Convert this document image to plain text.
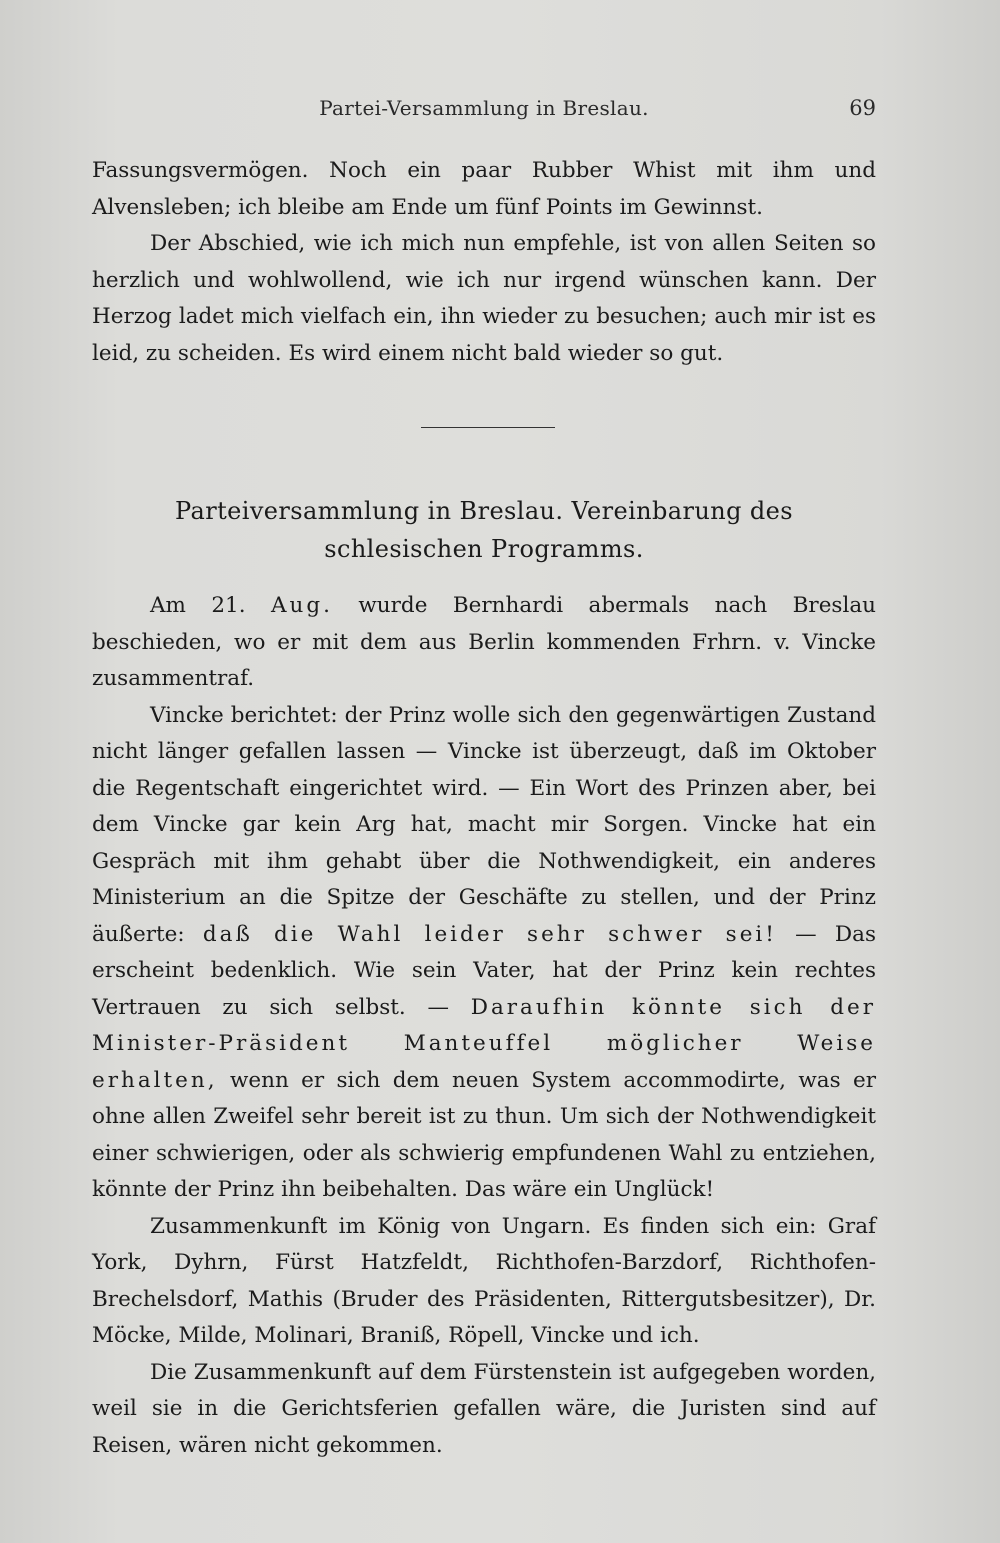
Partei-Versammlung in Breslau.	69

Fassungsvermögen. Noch ein paar Rubber Whist mit ihm und Alvensleben; ich bleibe am Ende um fünf Points im Gewinnst.

Der Abschied, wie ich mich nun empfehle, ist von allen Seiten so herzlich und wohlwollend, wie ich nur irgend wünschen kann. Der Herzog ladet mich vielfach ein, ihn wieder zu besuchen; auch mir ist es leid, zu scheiden. Es wird einem nicht bald wieder so gut.

Parteiversammlung in Breslau. Vereinbarung des schlesischen Programms.

Am 21. Aug. wurde Bernhardi abermals nach Breslau beschieden, wo er mit dem aus Berlin kommenden Frhrn. v. Vincke zusammentraf.

Vincke berichtet: der Prinz wolle sich den gegenwärtigen Zustand nicht länger gefallen lassen — Vincke ist überzeugt, daß im Oktober die Regentschaft eingerichtet wird. — Ein Wort des Prinzen aber, bei dem Vincke gar kein Arg hat, macht mir Sorgen. Vincke hat ein Gespräch mit ihm gehabt über die Nothwendigkeit, ein anderes Ministerium an die Spitze der Geschäfte zu stellen, und der Prinz äußerte: daß die Wahl leider sehr schwer sei! — Das erscheint bedenklich. Wie sein Vater, hat der Prinz kein rechtes Vertrauen zu sich selbst. — Daraufhin könnte sich der Minister-Präsident Manteuffel möglicher Weise erhalten, wenn er sich dem neuen System accommodirte, was er ohne allen Zweifel sehr bereit ist zu thun. Um sich der Nothwendigkeit einer schwierigen, oder als schwierig empfundenen Wahl zu entziehen, könnte der Prinz ihn beibehalten. Das wäre ein Unglück!

Zusammenkunft im König von Ungarn. Es finden sich ein: Graf York, Dyhrn, Fürst Hatzfeldt, Richthofen-Barzdorf, Richthofen-Brechelsdorf, Mathis (Bruder des Präsidenten, Rittergutsbesitzer), Dr. Möcke, Milde, Molinari, Braniß, Röpell, Vincke und ich.

Die Zusammenkunft auf dem Fürstenstein ist aufgegeben worden, weil sie in die Gerichtsferien gefallen wäre, die Juristen sind auf Reisen, wären nicht gekommen.
